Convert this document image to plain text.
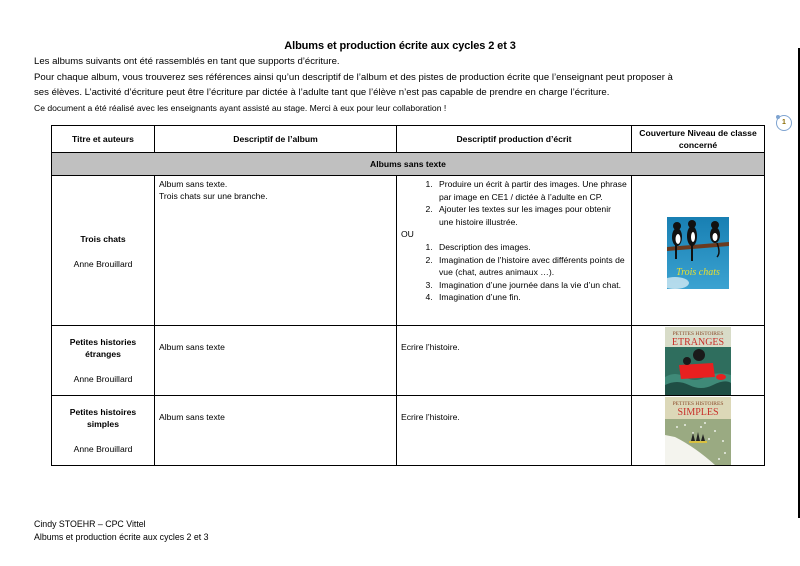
Albums et production écrite aux cycles 2 et 3
Les albums suivants ont été rassemblés en tant que supports d’écriture.
Pour chaque album, vous trouverez ses références ainsi qu’un descriptif de l’album et des pistes de production écrite que l’enseignant peut proposer à
ses élèves. L’activité d’écriture peut être l’écriture par dictée à l’adulte tant que l’élève n’est pas capable de prendre en charge l’écriture.
Ce document a été réalisé avec les enseignants ayant assisté au stage. Merci à eux pour leur collaboration !
1
Titre et auteurs	Descriptif de l’album	Descriptif production d’écrit	Couverture Niveau de classe concerné
Albums sans texte

Trois chats
Anne Brouillard

Album sans texte.
Trois chats sur une branche.

1. Produire un écrit à partir des images. Une phrase par image en CE1 / dictée à l’adulte en CP.
2. Ajouter les textes sur les images pour obtenir une histoire illustrée.
OU
1. Description des images.
2. Imagination de l’histoire avec différents points de vue (chat, autres animaux …).
3. Imagination d’une journée dans la vie d’un chat.
4. Imagination d’une fin.

Trois chats

Petites histories
étranges
Anne Brouillard

Album sans texte	Ecrire l’histoire.

PETITES HISTOIRES
ETRANGES

Petites histoires
simples
Anne Brouillard

Album sans texte	Ecrire l’histoire.

PETITES HISTOIRES
SIMPLES
Cindy STOEHR – CPC Vittel
Albums et production écrite aux cycles 2 et 3
